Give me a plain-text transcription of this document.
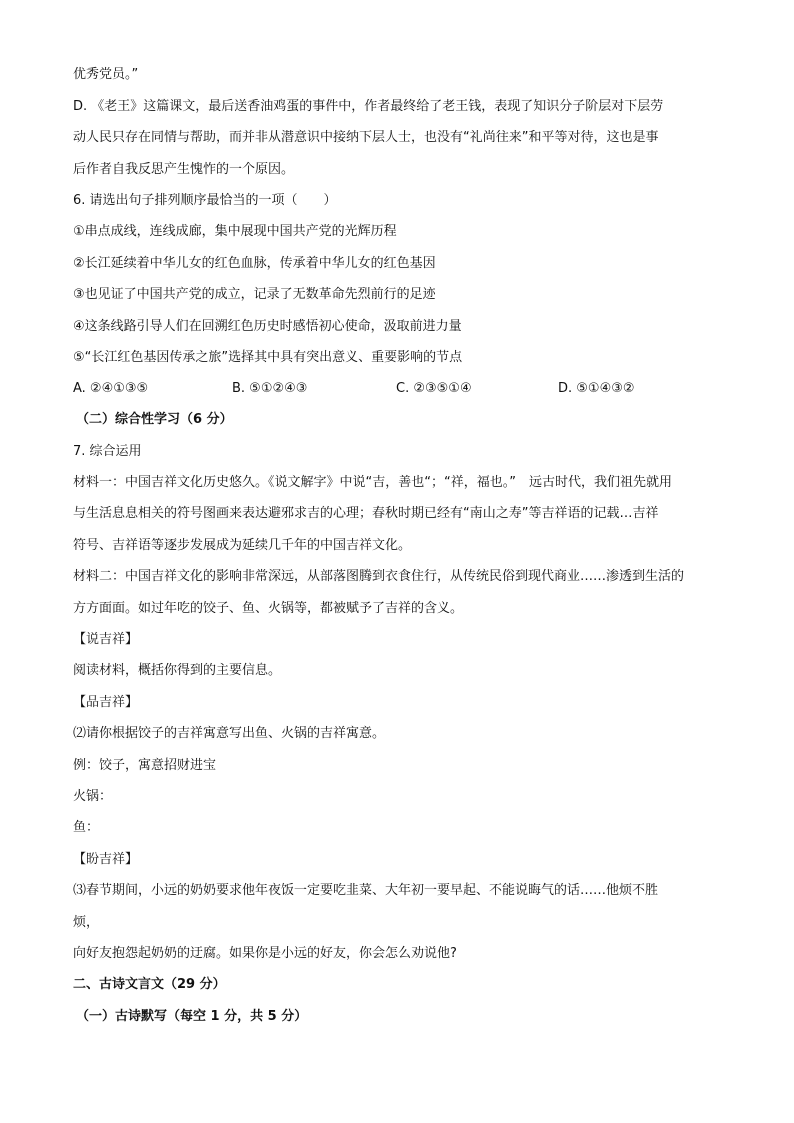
优秀党员。”
D. 《老王》这篇课文，最后送香油鸡蛋的事件中，作者最终给了老王钱，表现了知识分子阶层对下层劳
动人民只存在同情与帮助，而并非从潜意识中接纳下层人士，也没有“礼尚往来”和平等对待，这也是事
后作者自我反思产生愧怍的一个原因。
6. 请选出句子排列顺序最恰当的一项（　　）
①串点成线，连线成廊，集中展现中国共产党的光辉历程
②长江延续着中华儿女的红色血脉，传承着中华儿女的红色基因
③也见证了中国共产党的成立，记录了无数革命先烈前行的足迹
④这条线路引导人们在回溯红色历史时感悟初心使命，汲取前进力量
⑤“长江红色基因传承之旅”选择其中具有突出意义、重要影响的节点
A. ②④①③⑤	B. ⑤①②④③	C. ②③⑤①④	D. ⑤①④③②
（二）综合性学习（6 分）
7. 综合运用
材料一：中国吉祥文化历史悠久。《说文解字》中说“吉，善也“；“祥，福也。”　远古时代，我们祖先就用
与生活息息相关的符号图画来表达避邪求吉的心理；春秋时期已经有“南山之寿”等吉祥语的记载…吉祥
符号、吉祥语等逐步发展成为延续几千年的中国吉祥文化。
材料二：中国吉祥文化的影响非常深远，从部落图腾到衣食住行，从传统民俗到现代商业……渗透到生活的
方方面面。如过年吃的饺子、鱼、火锅等，都被赋予了吉祥的含义。
【说吉祥】
阅读材料，概括你得到的主要信息。
【品吉祥】
⑵请你根据饺子的吉祥寓意写出鱼、火锅的吉祥寓意。
例：饺子，寓意招财进宝
火锅：
鱼：
【盼吉祥】
⑶春节期间，小远的奶奶要求他年夜饭一定要吃韭菜、大年初一要早起、不能说晦气的话……他烦不胜
烦，
向好友抱怨起奶奶的迂腐。如果你是小远的好友，你会怎么劝说他?
二、古诗文言文（29 分）
（一）古诗默写（每空 1 分，共 5 分）
